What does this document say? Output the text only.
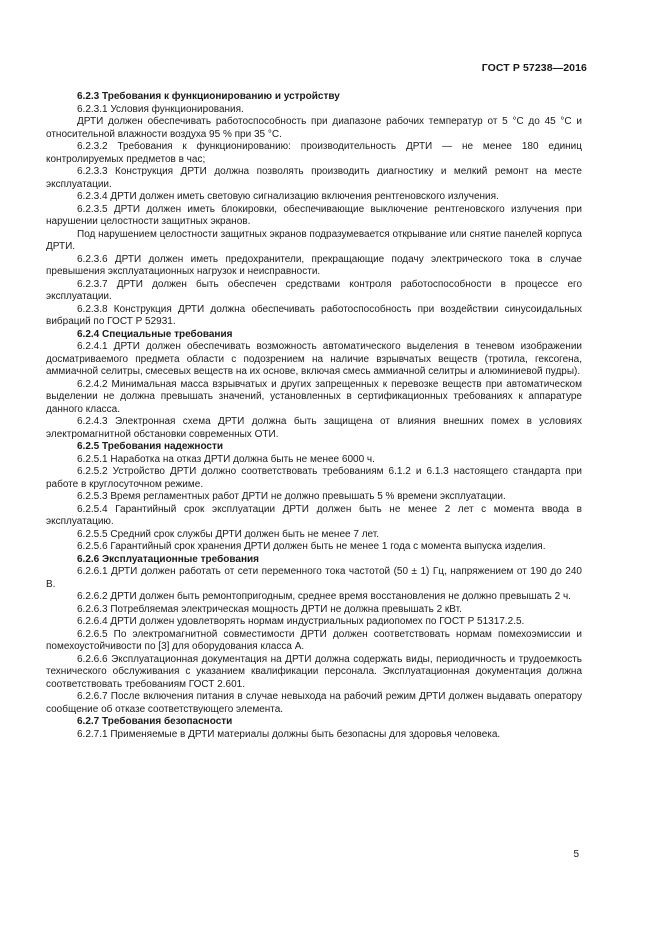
ГОСТ Р 57238—2016

6.2.3 Требования к функционированию и устройству

6.2.3.1 Условия функционирования.

ДРТИ должен обеспечивать работоспособность при диапазоне рабочих температур от 5 °С до 45 °С и относительной влажности воздуха 95 % при 35 °С.

6.2.3.2 Требования к функционированию: производительность ДРТИ — не менее 180 единиц контролируемых предметов в час;

6.2.3.3 Конструкция ДРТИ должна позволять производить диагностику и мелкий ремонт на месте эксплуатации.

6.2.3.4 ДРТИ должен иметь световую сигнализацию включения рентгеновского излучения.

6.2.3.5 ДРТИ должен иметь блокировки, обеспечивающие выключение рентгеновского излучения при нарушении целостности защитных экранов.

Под нарушением целостности защитных экранов подразумевается открывание или снятие панелей корпуса ДРТИ.

6.2.3.6 ДРТИ должен иметь предохранители, прекращающие подачу электрического тока в случае превышения эксплуатационных нагрузок и неисправности.

6.2.3.7 ДРТИ должен быть обеспечен средствами контроля работоспособности в процессе его эксплуатации.

6.2.3.8 Конструкция ДРТИ должна обеспечивать работоспособность при воздействии синусоидальных вибраций по ГОСТ Р 52931.

6.2.4 Специальные требования

6.2.4.1 ДРТИ должен обеспечивать возможность автоматического выделения в теневом изображении досматриваемого предмета области с подозрением на наличие взрывчатых веществ (тротила, гексогена, аммиачной селитры, смесевых веществ на их основе, включая смесь аммиачной селитры и алюминиевой пудры).

6.2.4.2 Минимальная масса взрывчатых и других запрещенных к перевозке веществ при автоматическом выделении не должна превышать значений, установленных в сертификационных требованиях к аппаратуре данного класса.

6.2.4.3 Электронная схема ДРТИ должна быть защищена от влияния внешних помех в условиях электромагнитной обстановки современных ОТИ.

6.2.5 Требования надежности

6.2.5.1 Наработка на отказ ДРТИ должна быть не менее 6000 ч.

6.2.5.2 Устройство ДРТИ должно соответствовать требованиям 6.1.2 и 6.1.3 настоящего стандарта при работе в круглосуточном режиме.

6.2.5.3 Время регламентных работ ДРТИ не должно превышать 5 % времени эксплуатации.

6.2.5.4 Гарантийный срок эксплуатации ДРТИ должен быть не менее 2 лет с момента ввода в эксплуатацию.

6.2.5.5 Средний срок службы ДРТИ должен быть не менее 7 лет.

6.2.5.6 Гарантийный срок хранения ДРТИ должен быть не менее 1 года с момента выпуска изделия.

6.2.6 Эксплуатационные требования

6.2.6.1 ДРТИ должен работать от сети переменного тока частотой (50 ± 1) Гц, напряжением от 190 до 240 В.

6.2.6.2 ДРТИ должен быть ремонтопригодным, среднее время восстановления не должно превышать 2 ч.

6.2.6.3 Потребляемая электрическая мощность ДРТИ не должна превышать 2 кВт.

6.2.6.4 ДРТИ должен удовлетворять нормам индустриальных радиопомех по ГОСТ Р 51317.2.5.

6.2.6.5 По электромагнитной совместимости ДРТИ должен соответствовать нормам помехоэмиссии и помехоустойчивости по [3] для оборудования класса А.

6.2.6.6 Эксплуатационная документация на ДРТИ должна содержать виды, периодичность и трудоемкость технического обслуживания с указанием квалификации персонала. Эксплуатационная документация должна соответствовать требованиям ГОСТ 2.601.

6.2.6.7 После включения питания в случае невыхода на рабочий режим ДРТИ должен выдавать оператору сообщение об отказе соответствующего элемента.

6.2.7 Требования безопасности

6.2.7.1 Применяемые в ДРТИ материалы должны быть безопасны для здоровья человека.

5
